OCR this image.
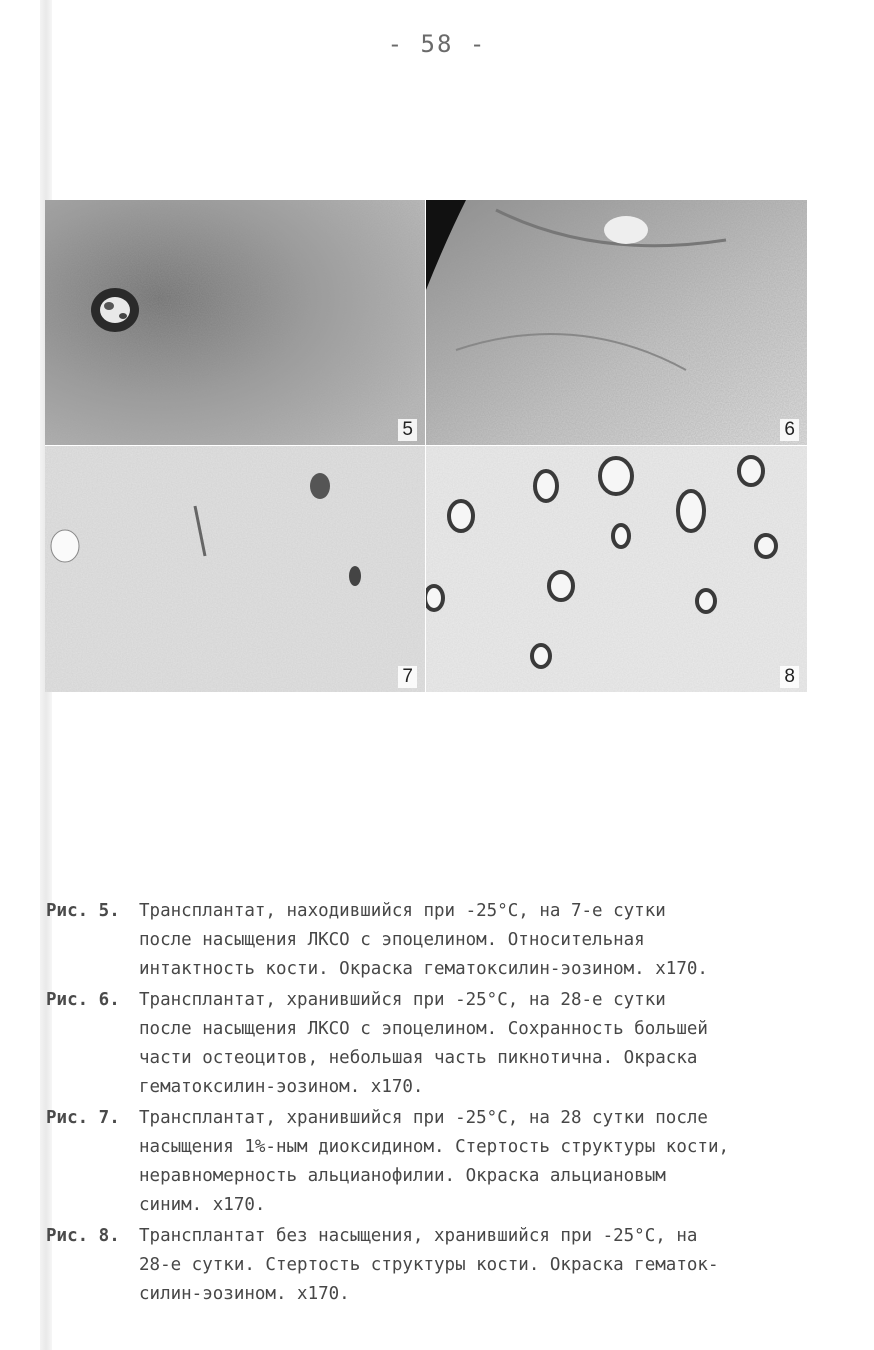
- 58 -
5	6
7	8
Рис. 5.	Трансплантат, находившийся при -25°С, на 7-е сутки
после насыщения ЛКСО с эпоцелином. Относительная
интактность кости. Окраска гематоксилин-эозином. х170.
Рис. 6.	Трансплантат, хранившийся при -25°С, на 28-е сутки
после насыщения ЛКСО с эпоцелином. Сохранность большей
части остеоцитов, небольшая часть пикнотична. Окраска
гематоксилин-эозином. х170.
Рис. 7.	Трансплантат, хранившийся при -25°С, на 28 сутки после
насыщения 1%-ным диоксидином. Стертость структуры кости,
неравномерность альцианофилии. Окраска альциановым
синим. х170.
Рис. 8.	Трансплантат без насыщения, хранившийся при -25°С, на
28-е сутки. Стертость структуры кости. Окраска гематок-
силин-эозином. х170.
